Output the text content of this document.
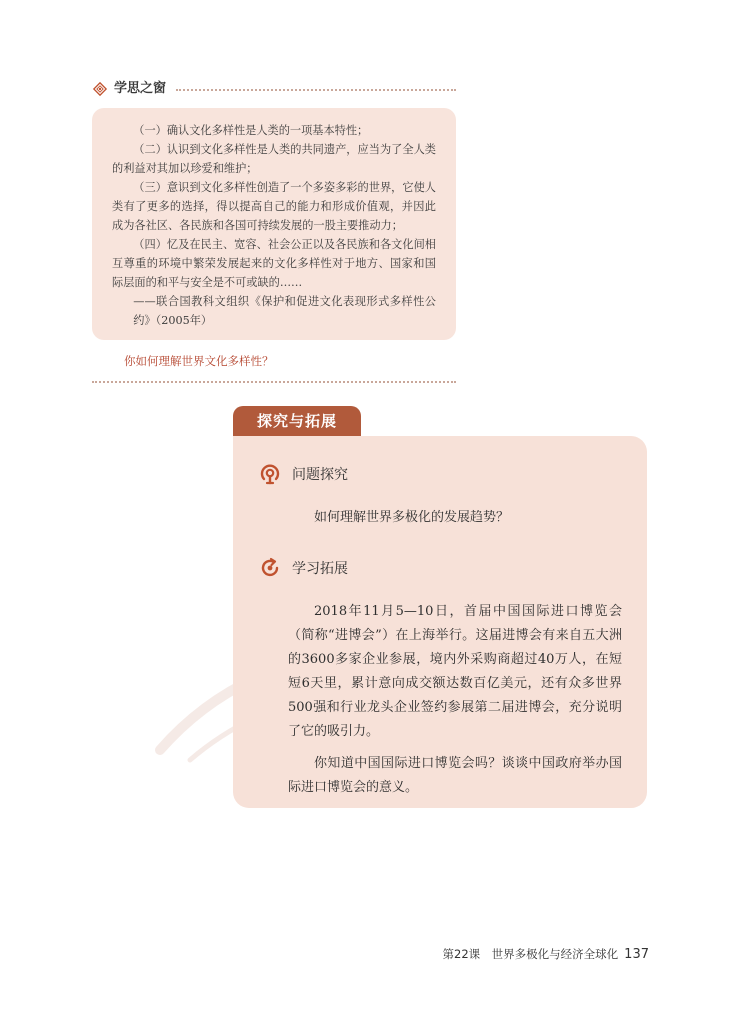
学思之窗

（一）确认文化多样性是人类的一项基本特性；

（二）认识到文化多样性是人类的共同遗产，应当为了全人类的利益对其加以珍爱和维护；

（三）意识到文化多样性创造了一个多姿多彩的世界，它使人类有了更多的选择，得以提高自己的能力和形成价值观，并因此成为各社区、各民族和各国可持续发展的一股主要推动力；

（四）忆及在民主、宽容、社会公正以及各民族和各文化间相互尊重的环境中繁荣发展起来的文化多样性对于地方、国家和国际层面的和平与安全是不可或缺的……

——联合国教科文组织《保护和促进文化表现形式多样性公约》（2005年）

你如何理解世界文化多样性？
探究与拓展
问题探究

如何理解世界多极化的发展趋势？

学习拓展

2018年11月5—10日，首届中国国际进口博览会（简称“进博会”）在上海举行。这届进博会有来自五大洲的3600多家企业参展，境内外采购商超过40万人，在短短6天里，累计意向成交额达数百亿美元，还有众多世界500强和行业龙头企业签约参展第二届进博会，充分说明了它的吸引力。

你知道中国国际进口博览会吗？谈谈中国政府举办国际进口博览会的意义。

第22课　世界多极化与经济全球化 137
